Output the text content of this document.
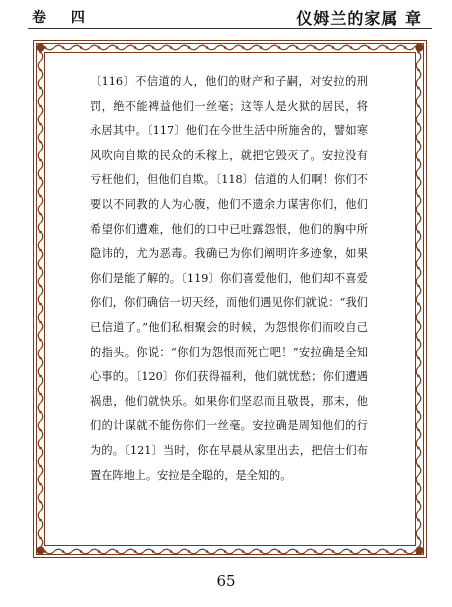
卷 四	仪姆兰的家属 章

〔116〕不信道的人，他们的财产和子嗣，对安拉的刑罚，绝不能裨益他们一丝毫；这等人是火狱的居民，将永居其中。〔117〕他们在今世生活中所施舍的，譬如寒风吹向自欺的民众的禾稼上，就把它毁灭了。安拉没有亏枉他们，但他们自欺。〔118〕信道的人们啊！你们不要以不同教的人为心腹，他们不遗余力谋害你们，他们希望你们遭难，他们的口中已吐露怨恨，他们的胸中所隐讳的，尤为恶毒。我确已为你们阐明许多迹象，如果你们是能了解的。〔119〕你们喜爱他们，他们却不喜爱你们，你们确信一切天经，而他们遇见你们就说：“我们已信道了。”他们私相聚会的时候，为怨恨你们而咬自己的指头。你说：“你们为怨恨而死亡吧！”安拉确是全知心事的。〔120〕你们获得福利，他们就忧愁；你们遭遇祸患，他们就快乐。如果你们坚忍而且敬畏，那末，他们的计谋就不能伤你们一丝毫。安拉确是周知他们的行为的。〔121〕当时，你在早晨从家里出去，把信士们布置在阵地上。安拉是全聪的，是全知的。

65
